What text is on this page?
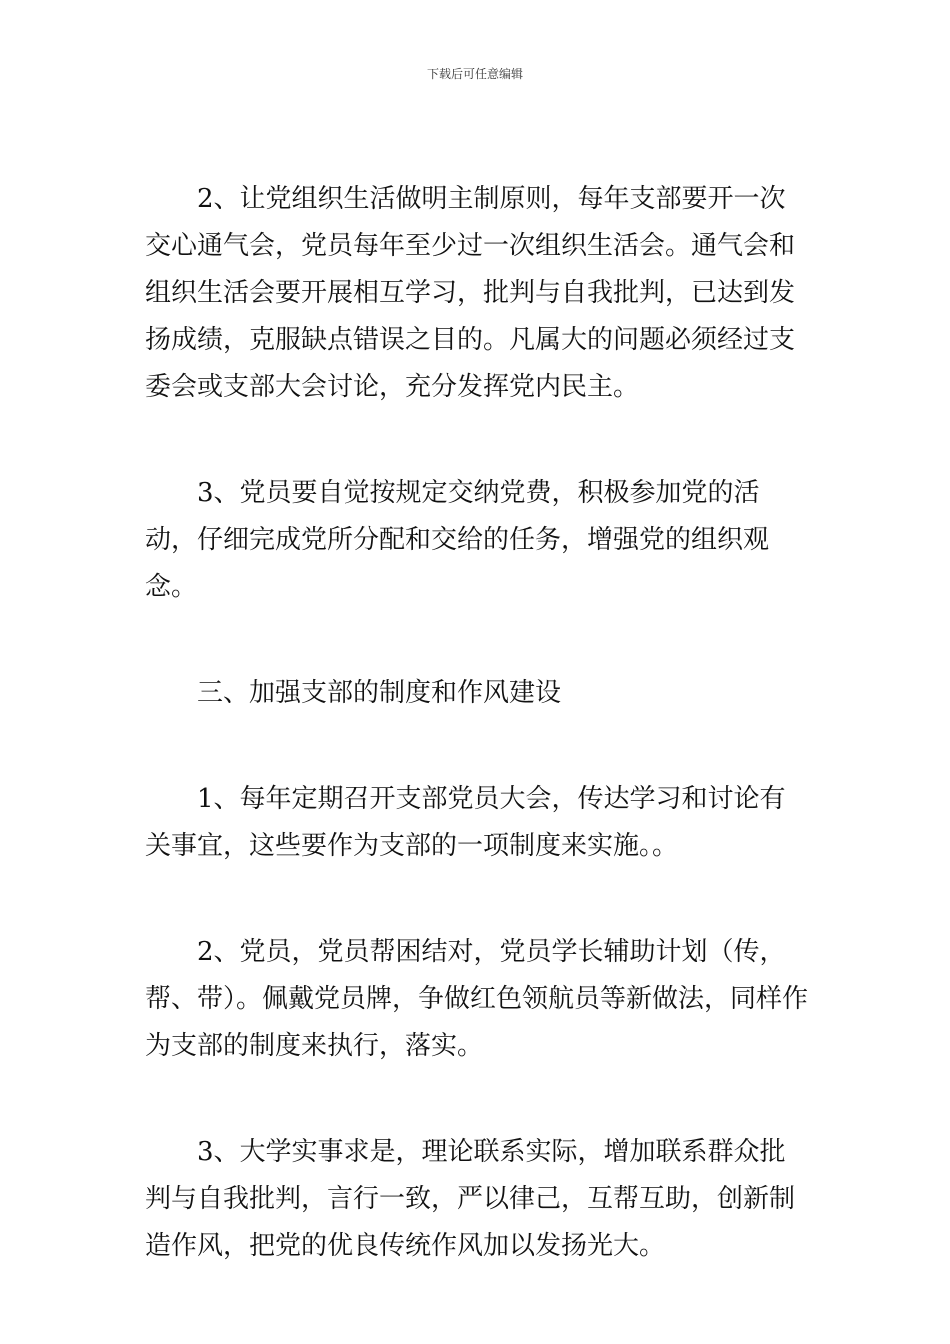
下载后可任意编辑

2、让党组织生活做明主制原则，每年支部要开一次交心通气会，党员每年至少过一次组织生活会。通气会和组织生活会要开展相互学习，批判与自我批判，已达到发扬成绩，克服缺点错误之目的。凡属大的问题必须经过支委会或支部大会讨论，充分发挥党内民主。

3、党员要自觉按规定交纳党费，积极参加党的活动，仔细完成党所分配和交给的任务，增强党的组织观念。

三、加强支部的制度和作风建设

1、每年定期召开支部党员大会，传达学习和讨论有关事宜，这些要作为支部的一项制度来实施。。

2、党员，党员帮困结对，党员学长辅助计划（传，帮、带）。佩戴党员牌，争做红色领航员等新做法，同样作为支部的制度来执行，落实。

3、大学实事求是，理论联系实际，增加联系群众批判与自我批判，言行一致，严以律己，互帮互助，创新制造作风，把党的优良传统作风加以发扬光大。
